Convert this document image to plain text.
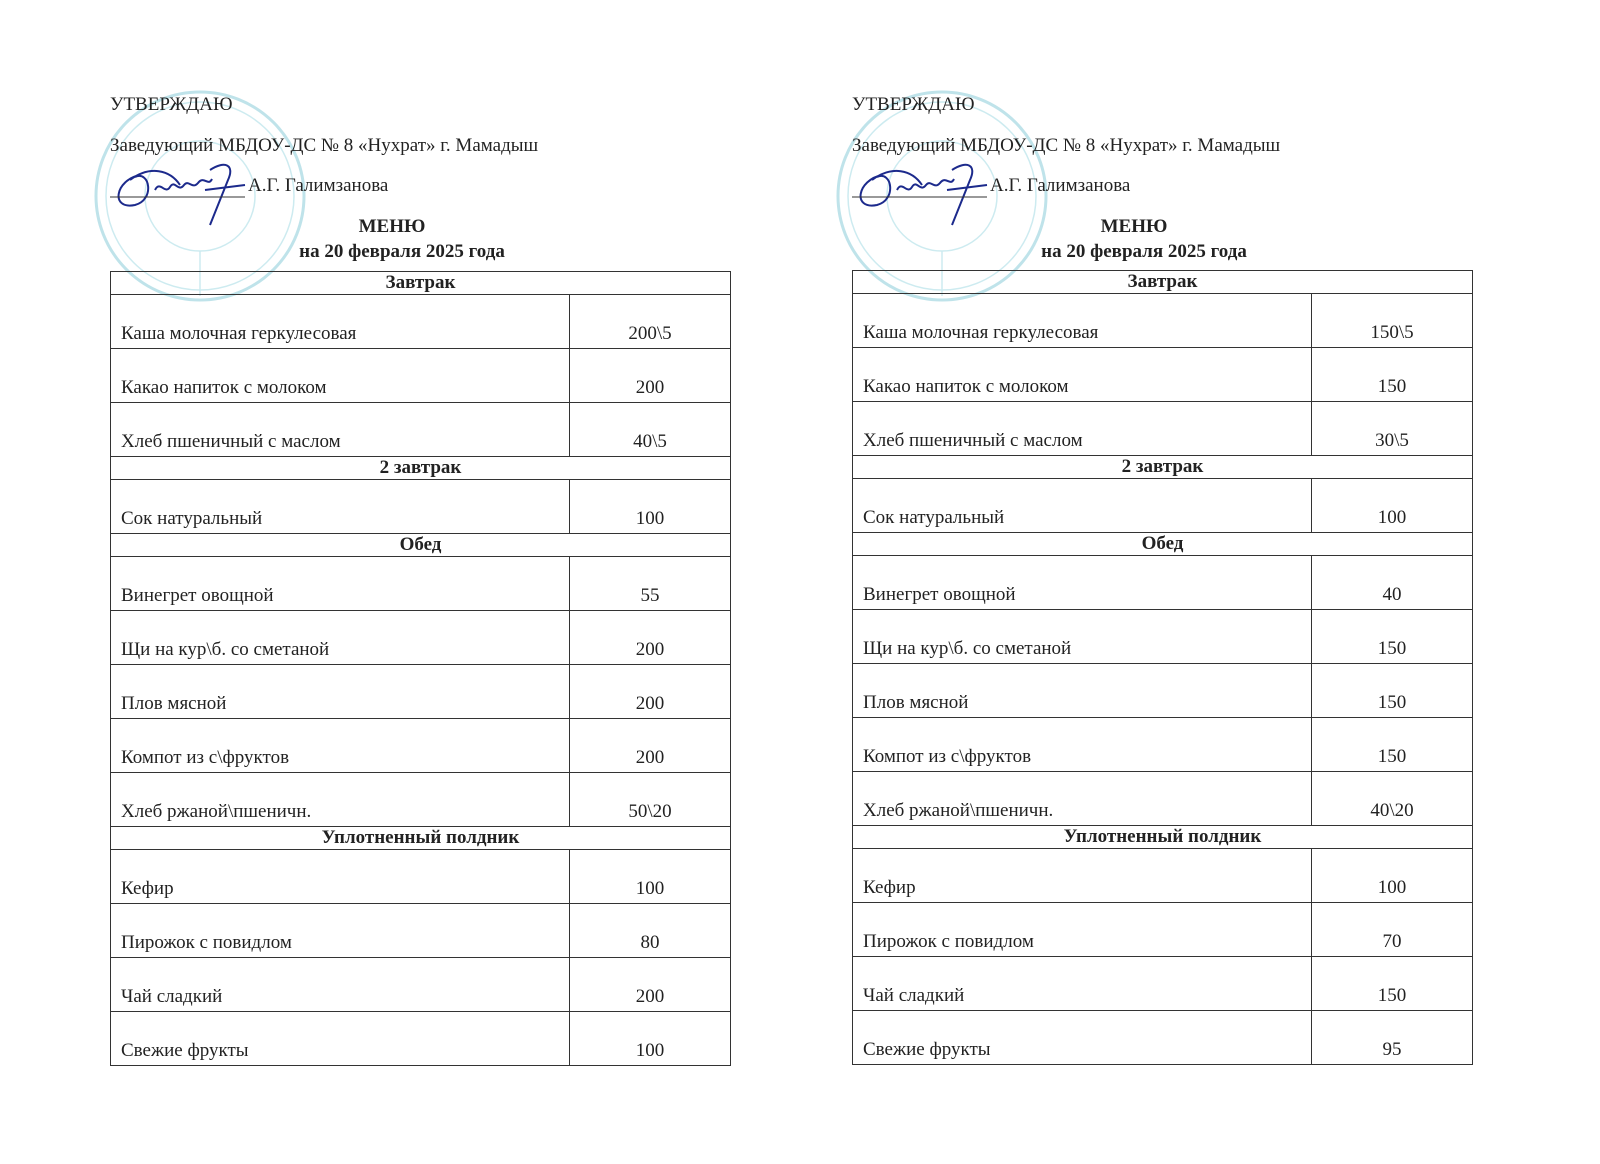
УТВЕРЖДАЮ
Заведующий МБДОУ-ДС № 8 «Нухрат» г. Мамадыш
А.Г. Галимзанова
МЕНЮ
на 20 февраля 2025 года
Завтрак	
Каша молочная геркулесовая	200\5
Какао напиток с молоком	200
Хлеб пшеничный с маслом	40\5
2 завтрак	
Сок натуральный	100
Обед	
Винегрет овощной	55
Щи на кур\б. со сметаной	200
Плов мясной	200
Компот из с\фруктов	200
Хлеб ржаной\пшеничн.	50\20
Уплотненный полдник	
Кефир	100
Пирожок с повидлом	80
Чай сладкий	200
Свежие фрукты	100
УТВЕРЖДАЮ
Заведующий МБДОУ-ДС № 8 «Нухрат» г. Мамадыш
А.Г. Галимзанова
МЕНЮ
на 20 февраля 2025 года
Завтрак	
Каша молочная геркулесовая	150\5
Какао напиток с молоком	150
Хлеб пшеничный с маслом	30\5
2 завтрак	
Сок натуральный	100
Обед	
Винегрет овощной	40
Щи на кур\б. со сметаной	150
Плов мясной	150
Компот из с\фруктов	150
Хлеб ржаной\пшеничн.	40\20
Уплотненный полдник	
Кефир	100
Пирожок с повидлом	70
Чай сладкий	150
Свежие фрукты	95
